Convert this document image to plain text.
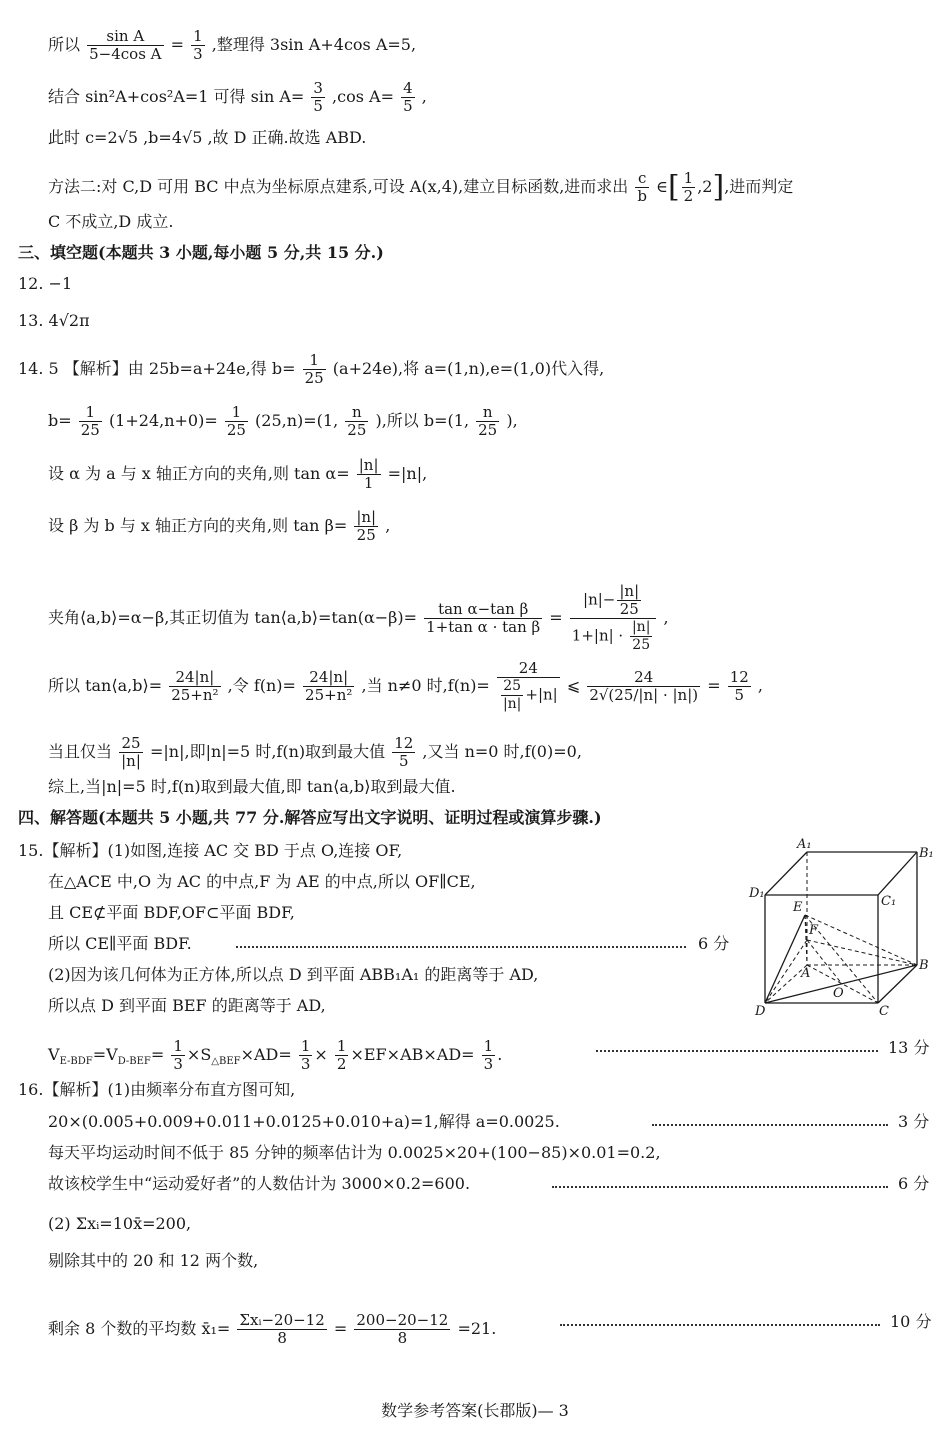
所以 $\frac{\text{sin A}}{\text{5−4cos A}} = \frac{1}{3}$ ,整理得 3sin A+4cos A=5,
结合 sin²A+cos²A=1 可得 $\sin A= \frac{3}{5} ,\cos$ $A= \frac{4}{5}$ ,
此时 c=2√5 ,b=4√5 ,故 D 正确.故选 ABD.
方法二:对 C,D 可用 BC 中点为坐标原点建系,可设 A(x,4),建立目标函数,进而求出 $\frac{c}{b}$ ∈[ $\frac{1}{2} ,2$],进而判定
C 不成立,D 成立.
三、填空题(本题共 3 小题,每小题 5 分,共 15 分.)
12. −1
13. 4√2π
14. 5 【解析】由 25b=a+24e,得 $b= \frac{1}{25} (a+24e)$,将 a=(1,n),e=(1,0)代入得,
$b= \frac{1}{25} (1+24,n+0)= \frac{1}{25} (25,n)=(1$, $\frac{n}{25}$ ),所以 b=(1, $\frac{n}{25}$ ),
设 α 为 a 与 x 轴正方向的夹角,则 $\tan \alpha= \frac{|n|}{1} =|n|$,
设 β 为 b 与 x 轴正方向的夹角,则 $\tan \beta= \frac{|n|}{25}$ ,
夹角⟨a,b⟩=α−β,其正切值为 tan⟨a,b⟩=tan(α−β)= $\frac{\text{tan α−tan β}}{\text{1+tan α · tan β}} = \frac{|n|- \frac{|n|}{25}}{1+|n| \cdot \frac{|n|}{25}}$ ,
所以 tan⟨a,b⟩= $\frac{24|n|}{\text{25+n²}}$ ,令 $f(n)= \frac{24|n|}{\text{25+n²}}$ ,当 n≠0 时$,f(n)= \frac{24}{\frac{25}{|n|} +|n|}$ ⩽ $\frac{24}{2√(25/|n| \cdot |n|)} = \frac{12}{5}$ ,
当且仅当 $\frac{25}{|n|} =|n|$,即|n|=5 时,f(n)取到最大值 $\frac{12}{5}$ ,又当 n=0 时,f(0)=0,
综上,当|n|=5 时,f(n)取到最大值,即 tan⟨a,b⟩取到最大值.
四、解答题(本题共 5 小题,共 77 分.解答应写出文字说明、证明过程或演算步骤.)
15.【解析】(1)如图,连接 AC 交 BD 于点 O,连接 OF,
在△ACE 中,O 为 AC 的中点,F 为 AE 的中点,所以 OF∥CE,
且 CE⊄平面 BDF,OF⊂平面 BDF,
所以 CE∥平面 BDF.	6 分
(2)因为该几何体为正方体,所以点 D 到平面 ABB₁A₁ 的距离等于 AD,
所以点 D 到平面 BEF 的距离等于 AD,
$V_{E-BDF}=V_{D-BEF}= \frac{1}{3} \times S_{\triangle BEF}\times AD= \frac{1}{3} \times \frac{1}{2} \times EF\times AB\times AD= \frac{1}{3}$ .	13 分
A₁
B₁
D₁
C₁
E
F
A
B
O
D	C
16.【解析】(1)由频率分布直方图可知,
20×(0.005+0.009+0.011+0.0125+0.010+a)=1,解得 a=0.0025.	3 分
每天平均运动时间不低于 85 分钟的频率估计为 0.0025×20+(100−85)×0.01=0.2,
故该校学生中“运动爱好者”的人数估计为 3000×0.2=600.	6 分
(2) Σxᵢ=10x̄=200,
剔除其中的 20 和 12 两个数,
剩余 8 个数的平均数 x̄₁= $\frac{\text{Σxᵢ−20−12}}{8} = \frac{200-20-12}{8} =21$.	10 分
数学参考答案(长郡版)— 3
